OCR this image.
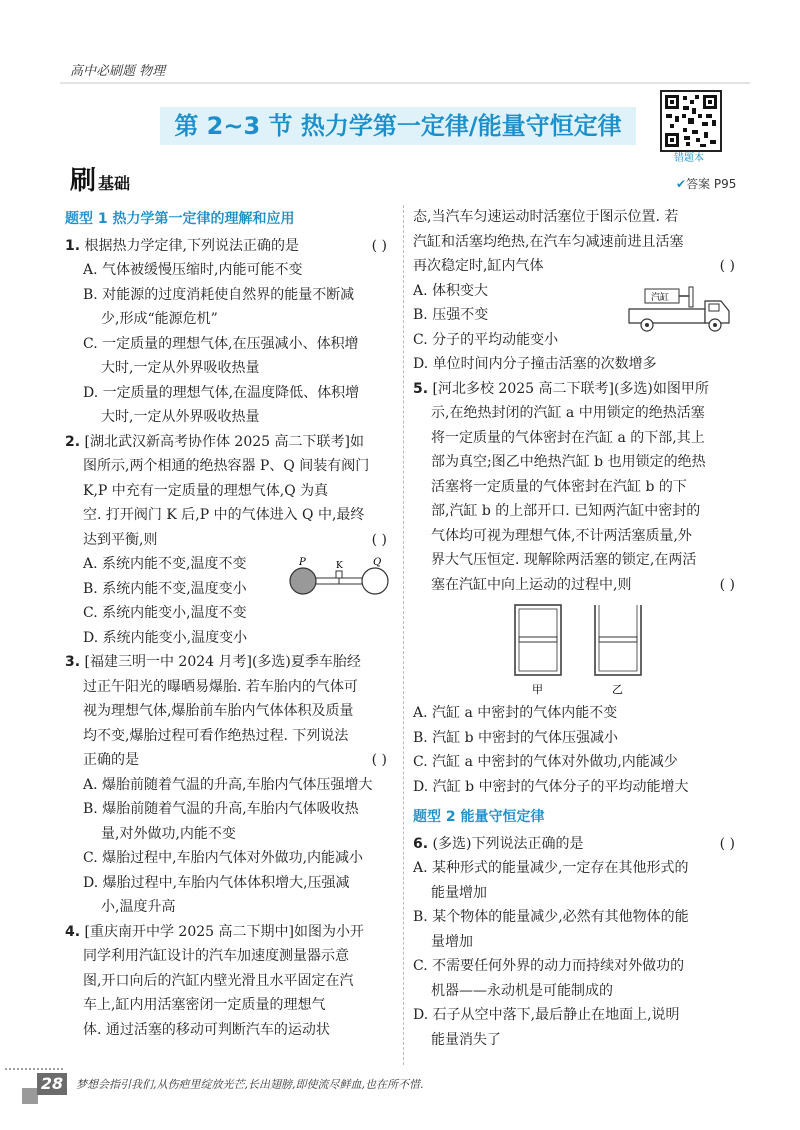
高中必刷题 物理
第 2~3 节 热力学第一定律/能量守恒定律
错题本
刷基础	✔答案 P95
题型 1 热力学第一定律的理解和应用
1. 根据热力学定律,下列说法正确的是	( )
A. 气体被缓慢压缩时,内能可能不变
B. 对能源的过度消耗使自然界的能量不断减
少,形成“能源危机”
C. 一定质量的理想气体,在压强减小、体积增
大时,一定从外界吸收热量
D. 一定质量的理想气体,在温度降低、体积增
大时,一定从外界吸收热量
2. [湖北武汉新高考协作体 2025 高二下联考]如
图所示,两个相通的绝热容器 P、Q 间装有阀门
K,P 中充有一定质量的理想气体,Q 为真
空. 打开阀门 K 后,P 中的气体进入 Q 中,最终
达到平衡,则	( )
A. 系统内能不变,温度不变
B. 系统内能不变,温度变小
C. 系统内能变小,温度不变
D. 系统内能变小,温度变小
P	K	Q
3. [福建三明一中 2024 月考](多选)夏季车胎经
过正午阳光的曝晒易爆胎. 若车胎内的气体可
视为理想气体,爆胎前车胎内气体体积及质量
均不变,爆胎过程可看作绝热过程. 下列说法
正确的是	( )
A. 爆胎前随着气温的升高,车胎内气体压强增大
B. 爆胎前随着气温的升高,车胎内气体吸收热
量,对外做功,内能不变
C. 爆胎过程中,车胎内气体对外做功,内能减小
D. 爆胎过程中,车胎内气体体积增大,压强减
小,温度升高
4. [重庆南开中学 2025 高二下期中]如图为小开
同学利用汽缸设计的汽车加速度测量器示意
图,开口向后的汽缸内壁光滑且水平固定在汽
车上,缸内用活塞密闭一定质量的理想气
体. 通过活塞的移动可判断汽车的运动状
态,当汽车匀速运动时活塞位于图示位置. 若
汽缸和活塞均绝热,在汽车匀减速前进且活塞
再次稳定时,缸内气体	( )
A. 体积变大
B. 压强不变
C. 分子的平均动能变小
D. 单位时间内分子撞击活塞的次数增多
汽缸
5. [河北多校 2025 高二下联考](多选)如图甲所
示,在绝热封闭的汽缸 a 中用锁定的绝热活塞
将一定质量的气体密封在汽缸 a 的下部,其上
部为真空;图乙中绝热汽缸 b 也用锁定的绝热
活塞将一定质量的气体密封在汽缸 b 的下
部,汽缸 b 的上部开口. 已知两汽缸中密封的
气体均可视为理想气体,不计两活塞质量,外
界大气压恒定. 现解除两活塞的锁定,在两活
塞在汽缸中向上运动的过程中,则	( )
甲	乙
A. 汽缸 a 中密封的气体内能不变
B. 汽缸 b 中密封的气体压强减小
C. 汽缸 a 中密封的气体对外做功,内能减少
D. 汽缸 b 中密封的气体分子的平均动能增大
题型 2 能量守恒定律
6. (多选)下列说法正确的是	( )
A. 某种形式的能量减少,一定存在其他形式的
能量增加
B. 某个物体的能量减少,必然有其他物体的能
量增加
C. 不需要任何外界的动力而持续对外做功的
机器——永动机是可能制成的
D. 石子从空中落下,最后静止在地面上,说明
能量消失了
28	梦想会指引我们,从伤疤里绽放光芒,长出翅膀,即使流尽鲜血,也在所不惜.
